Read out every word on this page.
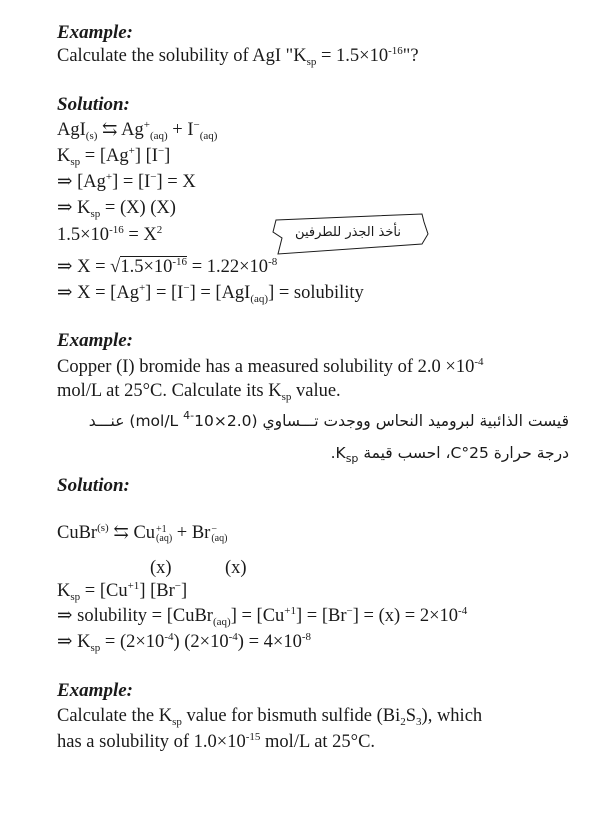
Example:
Calculate the solubility of AgI "$K_{sp} = 1.5\times 10^{-16}$"?
Solution:
AgI$_{(s)}$ ⇆ $Ag^+_{(aq)} + I^-_{(aq)}$
$K_{sp} = [Ag^+]$ [I−]
⇒ [Ag+] = [I−] = X
⇒ $K_{sp} = (X)$ (X)
$1.5\times 10^{-16} = X^2$	نأخذ الجذر للطرفين
⇒ $X = √1.5\times 10^{-16} = 1.22\times 10^{-8}$
⇒ X = [Ag+] = [I−] = [AgI$_{(aq)}$] = solubility
Example:
Copper (I) bromide has a measured solubility of $2.0 \times 10^{-4}$
mol/L at 25°C. Calculate its $K_{sp}$ value.
قيست الذائبية لبروميد النحاس ووجدت تـــساوي ($2.0\times 10^{-4}$ mol/L) عنـــد
درجة حرارة 25°C، احسب قيمة $K_{sp}$.
Solution:
CuBr$^{(s)}$ ⇆ Cu +1
(aq) + Br −
(aq)
(x)	(x)
$K_{sp} = [Cu^{+1}]$ [Br−]
⇒ solubility = [CuBr$_{(aq)}$] = $[Cu^{+1}] = [Br^-] = (x) = 2\times 10^{-4}$
⇒ $K_{sp} = (2\times 10^{-4}) (2\times 10^{-4}) = 4\times 10^{-8}$
Example:
Calculate the $K_{sp}$ value for bismuth sulfide $(Bi_2S_3)$, which
has a solubility of $1.0\times 10^{-15}$ mol/L at 25°C.
